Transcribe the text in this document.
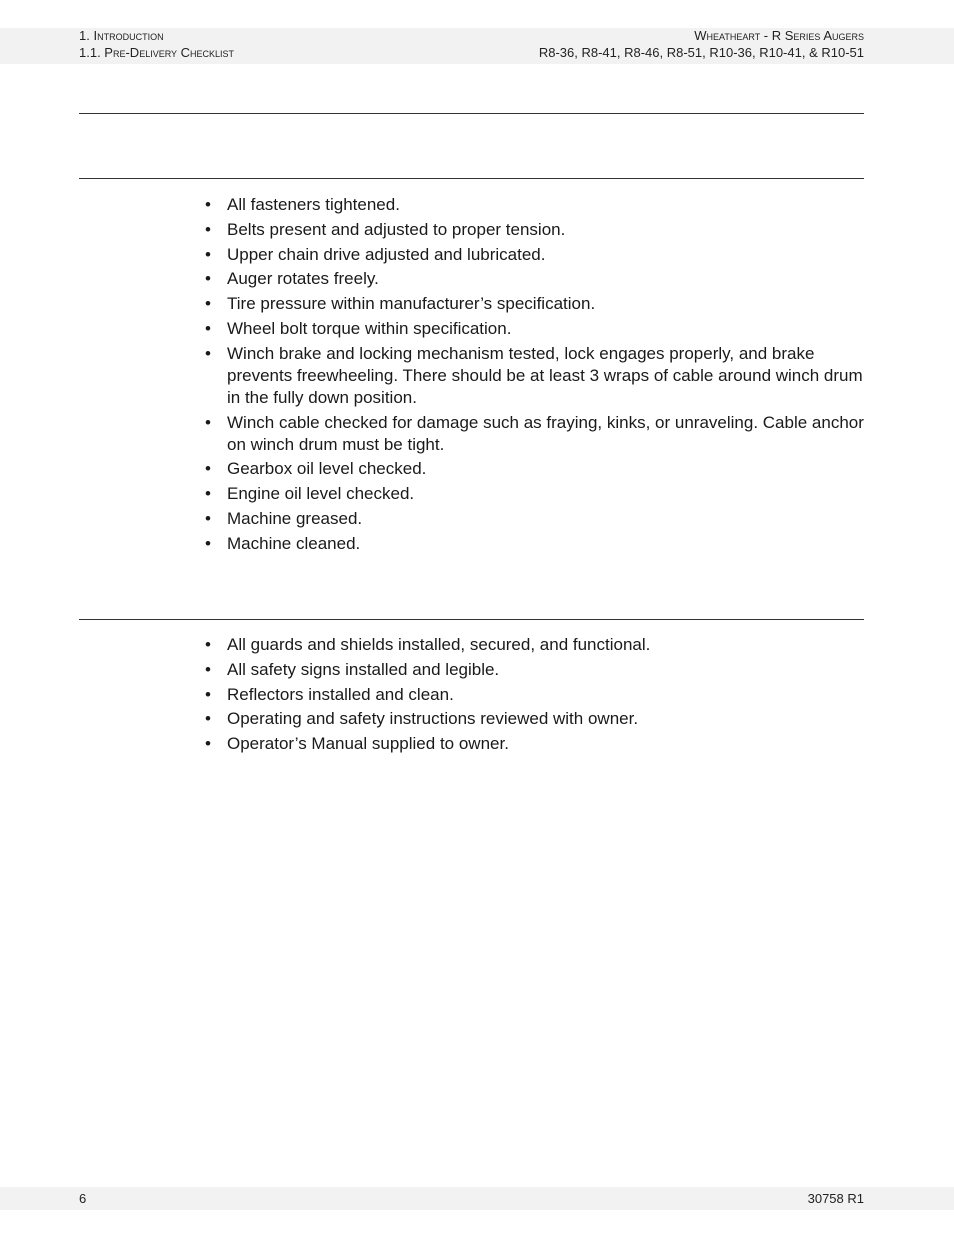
1. Introduction
1.1. Pre-Delivery Checklist
Wheatheart - R Series Augers
R8-36, R8-41, R8-46, R8-51, R10-36, R10-41, & R10-51
• All fasteners tightened.
• Belts present and adjusted to proper tension.
• Upper chain drive adjusted and lubricated.
• Auger rotates freely.
• Tire pressure within manufacturer’s specification.
• Wheel bolt torque within specification.
• Winch brake and locking mechanism tested, lock engages properly, and brake prevents freewheeling. There should be at least 3 wraps of cable around winch drum in the fully down position.
• Winch cable checked for damage such as fraying, kinks, or unraveling. Cable anchor on winch drum must be tight.
• Gearbox oil level checked.
• Engine oil level checked.
• Machine greased.
• Machine cleaned.
• All guards and shields installed, secured, and functional.
• All safety signs installed and legible.
• Reflectors installed and clean.
• Operating and safety instructions reviewed with owner.
• Operator’s Manual supplied to owner.
6	30758 R1
